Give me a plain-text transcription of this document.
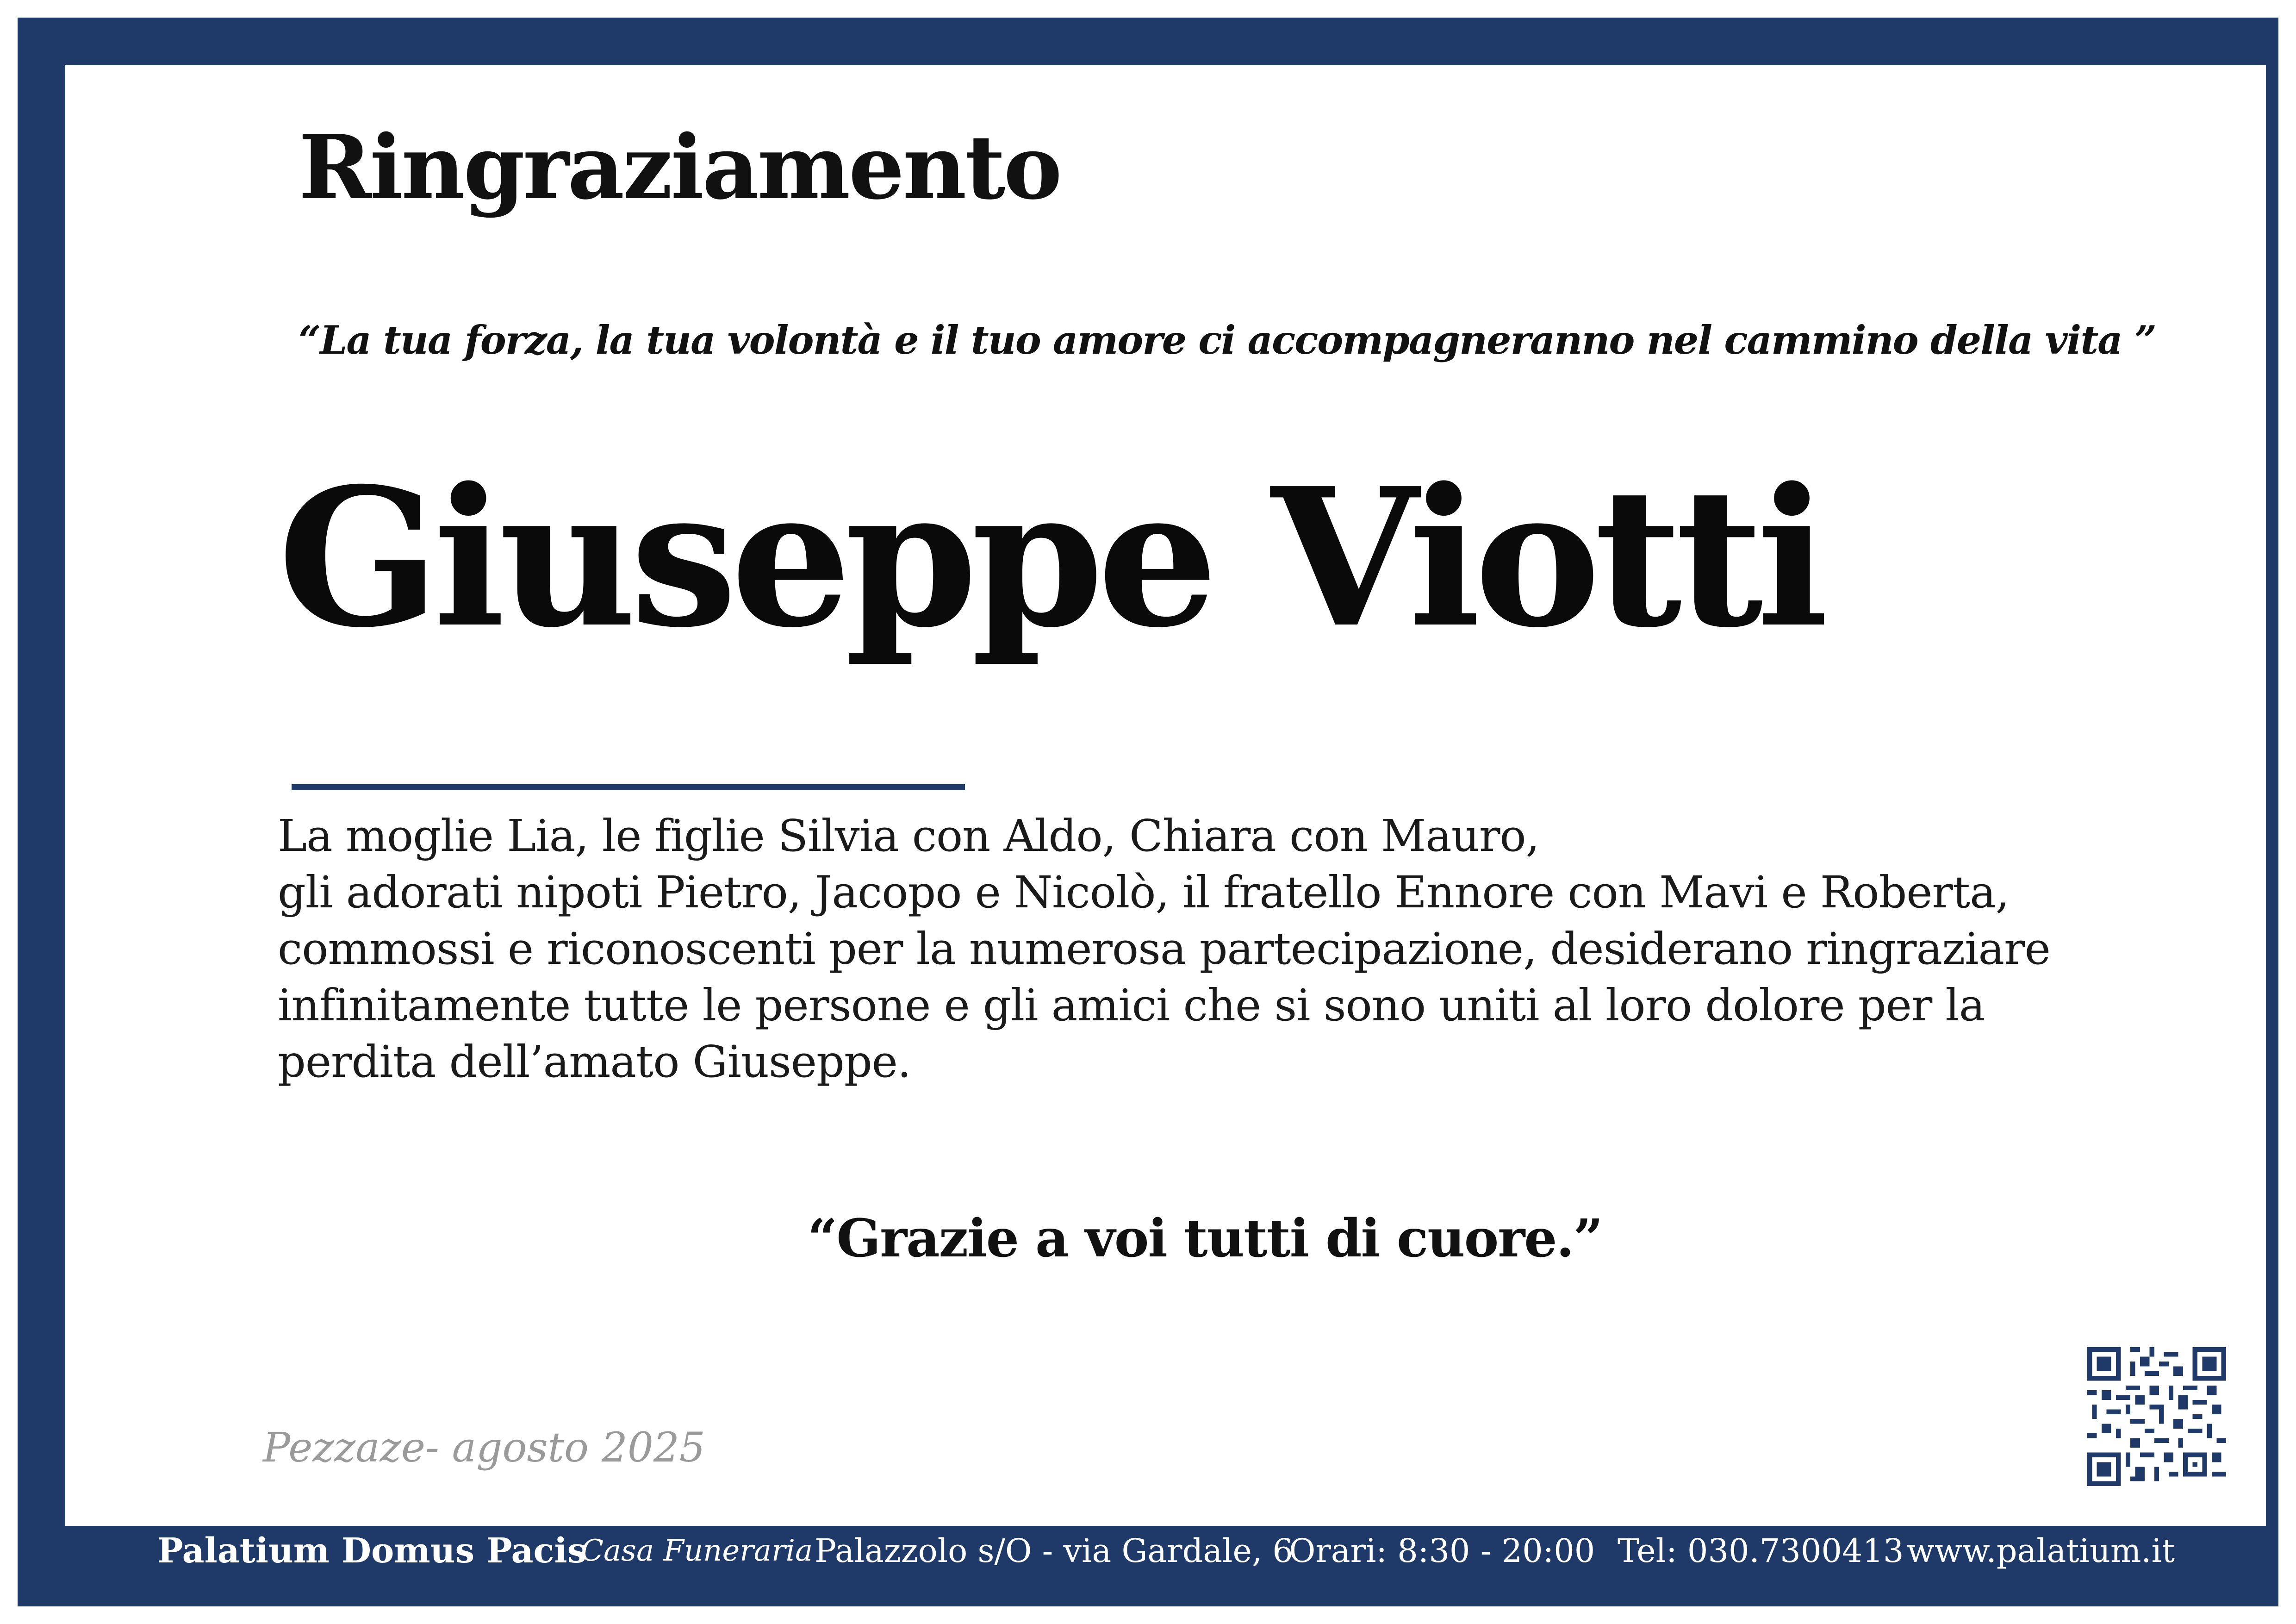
Ringraziamento

“La tua forza, la tua volontà e il tuo amore ci accompagneranno nel cammino della vita ”

Giuseppe Viotti

La moglie Lia, le figlie Silvia con Aldo, Chiara con Mauro,
gli adorati nipoti Pietro, Jacopo e Nicolò, il fratello Ennore con Mavi e Roberta,
commossi e riconoscenti per la numerosa partecipazione, desiderano ringraziare
infinitamente tutte le persone e gli amici che si sono uniti al loro dolore per la
perdita dell’amato Giuseppe.

“Grazie a voi tutti di cuore.”

Pezzaze- agosto 2025

Palatium Domus Pacis
Casa Funeraria Palazzolo s/O - via Gardale, 6
Orari: 8:30 - 20:00 Tel: 030.7300413 www.palatium.it
